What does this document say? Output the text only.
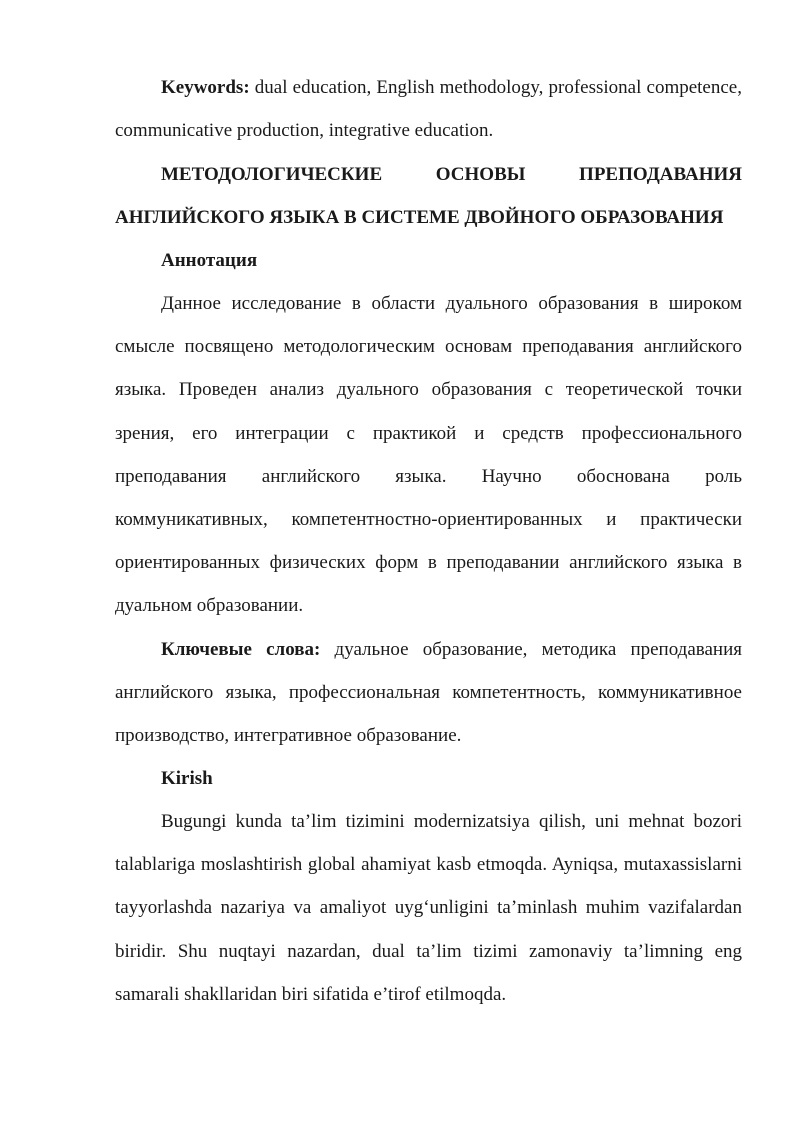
Keywords: dual education, English methodology, professional competence, communicative production, integrative education.

МЕТОДОЛОГИЧЕСКИЕ	ОСНОВЫ	ПРЕПОДАВАНИЯ
АНГЛИЙСКОГО ЯЗЫКА В СИСТЕМЕ ДВОЙНОГО ОБРАЗОВАНИЯ
Аннотация

Данное исследование в области дуального образования в широком смысле посвящено методологическим основам преподавания английского языка. Проведен анализ дуального образования с теоретической точки зрения, его интеграции с практикой и средств профессионального преподавания английского языка. Научно обоснована роль коммуникативных, компетентностно-ориентированных и практически ориентированных физических форм в преподавании английского языка в дуальном образовании.

Ключевые слова: дуальное образование, методика преподавания английского языка, профессиональная компетентность, коммуникативное производство, интегративное образование.

Kirish

Bugungi kunda ta’lim tizimini modernizatsiya qilish, uni mehnat bozori talablariga moslashtirish global ahamiyat kasb etmoqda. Ayniqsa, mutaxassislarni tayyorlashda nazariya va amaliyot uyg‘unligini ta’minlash muhim vazifalardan biridir. Shu nuqtayi nazardan, dual ta’lim tizimi zamonaviy ta’limning eng samarali shakllaridan biri sifatida e’tirof etilmoqda.
